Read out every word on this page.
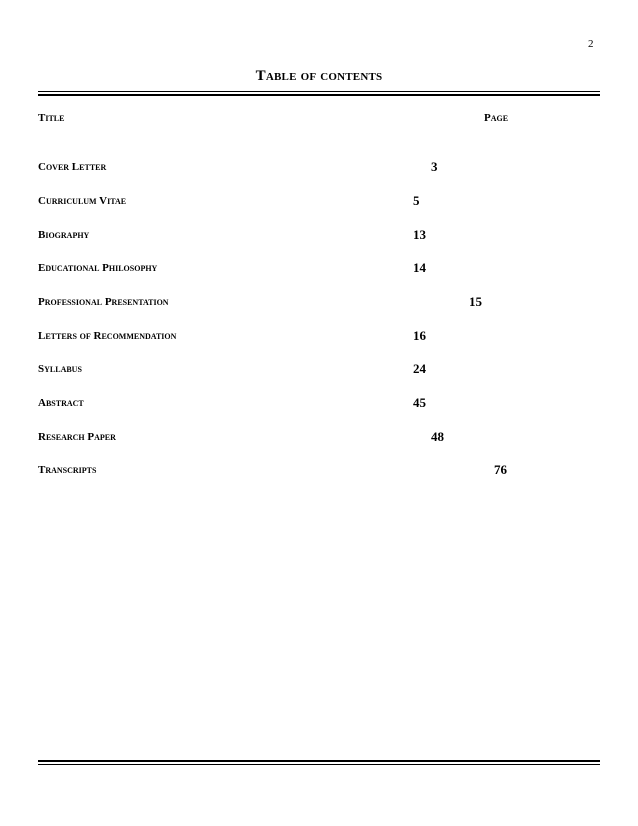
2
Table of contents
Title	Page
Cover Letter	3
Curriculum Vitae	5
Biography	13
Educational Philosophy	14
Professional Presentation	15
Letters of Recommendation	16
Syllabus	24
Abstract	45
Research Paper	48
Transcripts	76
